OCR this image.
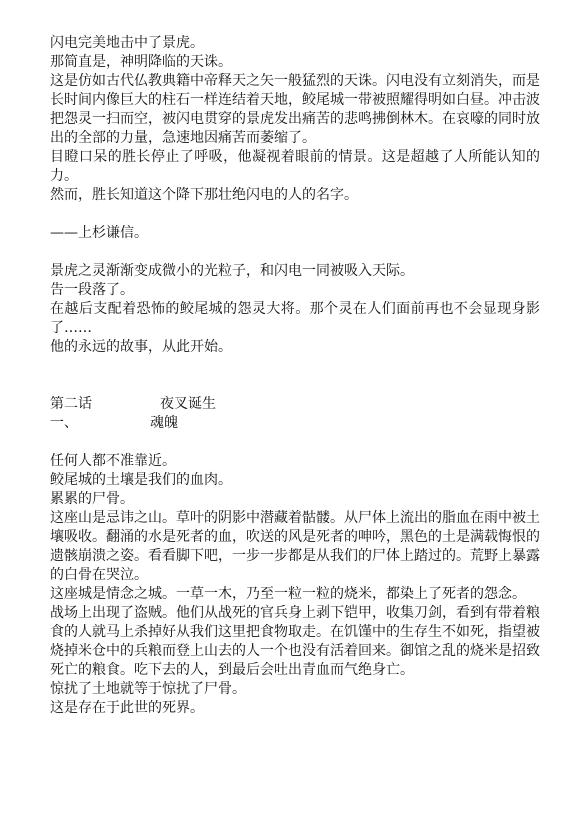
闪电完美地击中了景虎。

那简直是，神明降临的天诛。

这是仿如古代仏教典籍中帝释天之矢一般猛烈的天诛。闪电没有立刻消失，而是长时间内像巨大的柱石一样连结着天地，鲛尾城一带被照耀得明如白昼。冲击波把怨灵一扫而空，被闪电贯穿的景虎发出痛苦的悲鸣拂倒林木。在哀嚎的同时放出的全部的力量，急速地因痛苦而萎缩了。

目瞪口呆的胜长停止了呼吸，他凝视着眼前的情景。这是超越了人所能认知的力。

然而，胜长知道这个降下那壮绝闪电的人的名字。

——上杉谦信。

景虎之灵渐渐变成微小的光粒子，和闪电一同被吸入天际。

告一段落了。

在越后支配着恐怖的鲛尾城的怨灵大将。那个灵在人们面前再也不会显现身影了……

他的永远的故事，从此开始。

第二话	夜叉诞生
一、	魂魄

任何人都不准靠近。

鲛尾城的土壤是我们的血肉。

累累的尸骨。

这座山是忌讳之山。草叶的阴影中潜藏着骷髅。从尸体上流出的脂血在雨中被土壤吸收。翻涌的水是死者的血，吹送的风是死者的呻吟，黑色的土是满载悔恨的遗骸崩溃之姿。看看脚下吧，一步一步都是从我们的尸体上踏过的。荒野上暴露的白骨在哭泣。

这座城是情念之城。一草一木，乃至一粒一粒的烧米，都染上了死者的怨念。

战场上出现了盗贼。他们从战死的官兵身上剥下铠甲，收集刀剑，看到有带着粮食的人就马上杀掉好从我们这里把食物取走。在饥馑中的生存生不如死，指望被烧掉米仓中的兵粮而登上山去的人一个也没有活着回来。御馆之乱的烧米是招致死亡的粮食。吃下去的人，到最后会吐出青血而气绝身亡。

惊扰了土地就等于惊扰了尸骨。

这是存在于此世的死界。
